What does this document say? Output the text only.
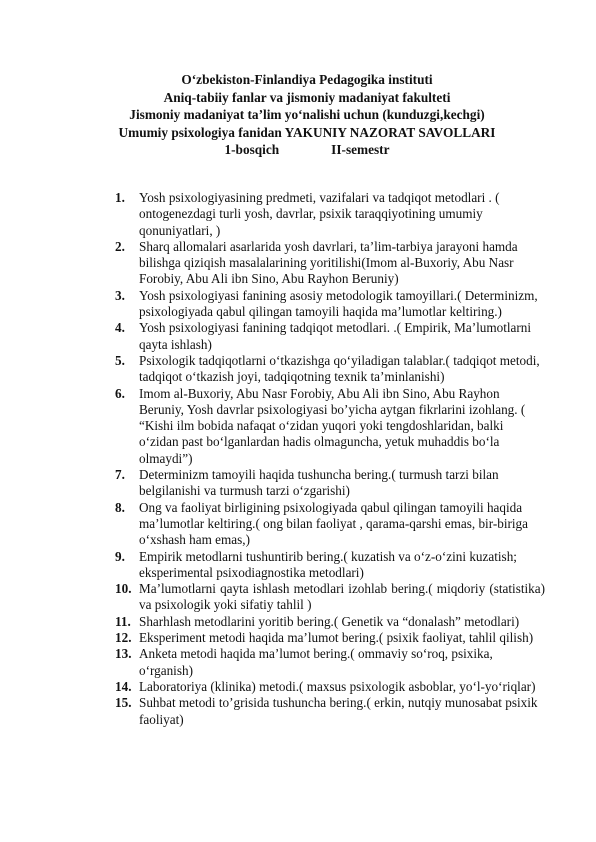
O‘zbekiston-Finlandiya Pedagogika instituti
Aniq-tabiiy fanlar va jismoniy madaniyat fakulteti
Jismoniy madaniyat ta’lim yo‘nalishi uchun (kunduzgi,kechgi)
Umumiy psixologiya fanidan YAKUNIY NAZORAT SAVOLLARI
1-bosqich	II-semestr
1. Yosh psixologiyasining predmeti, vazifalari va tadqiqot metodlari . ( ontogenezdagi turli yosh, davrlar, psixik taraqqiyotining umumiy qonuniyatlari, )
2. Sharq allomalari asarlarida yosh davrlari, ta’lim-tarbiya jarayoni hamda bilishga qiziqish masalalarining yoritilishi(Imom al-Buxoriy, Abu Nasr Forobiy, Abu Ali ibn Sino, Abu Rayhon Beruniy)
3. Yosh psixologiyasi fanining asosiy metodologik tamoyillari.( Determinizm, psixologiyada qabul qilingan tamoyili haqida ma’lumotlar keltiring.)
4. Yosh psixologiyasi fanining tadqiqot metodlari. .( Empirik, Ma’lumotlarni qayta ishlash)
5. Psixologik tadqiqotlarni o‘tkazishga qo‘yiladigan talablar.( tadqiqot metodi, tadqiqot o‘tkazish joyi, tadqiqotning texnik ta’minlanishi)
6. Imom al-Buxoriy, Abu Nasr Forobiy, Abu Ali ibn Sino, Abu Rayhon Beruniy, Yosh davrlar psixologiyasi bo’yicha aytgan fikrlarini izohlang. ( “Kishi ilm bobida nafaqat o‘zidan yuqori yoki tengdoshlaridan, balki o‘zidan past bo‘lganlardan hadis olmaguncha, yetuk muhaddis bo‘la olmaydi”)
7. Determinizm tamoyili haqida tushuncha bering.( turmush tarzi bilan belgilanishi va turmush tarzi o‘zgarishi)
8. Ong va faoliyat birligining psixologiyada qabul qilingan tamoyili haqida ma’lumotlar keltiring.( ong bilan faoliyat , qarama-qarshi emas, bir-biriga o‘xshash ham emas,)
9. Empirik metodlarni tushuntirib bering.( kuzatish va o‘z-o‘zini kuzatish; eksperimental psixodiagnostika metodlari)
10. Ma’lumotlarni qayta ishlash metodlari izohlab bering.( miqdoriy (statistika) va psixologik yoki sifatiy tahlil )
11. Sharhlash metodlarini yoritib bering.( Genetik va “donalash” metodlari)
12. Eksperiment metodi haqida ma’lumot bering.( psixik faoliyat, tahlil qilish)
13. Anketa metodi haqida ma’lumot bering.( ommaviy so‘roq, psixika, o‘rganish)
14. Laboratoriya (klinika) metodi.( maxsus psixologik asboblar, yo‘l-yo‘riqlar)
15. Suhbat metodi to’grisida tushuncha bering.( erkin, nutqiy munosabat psixik faoliyat)
